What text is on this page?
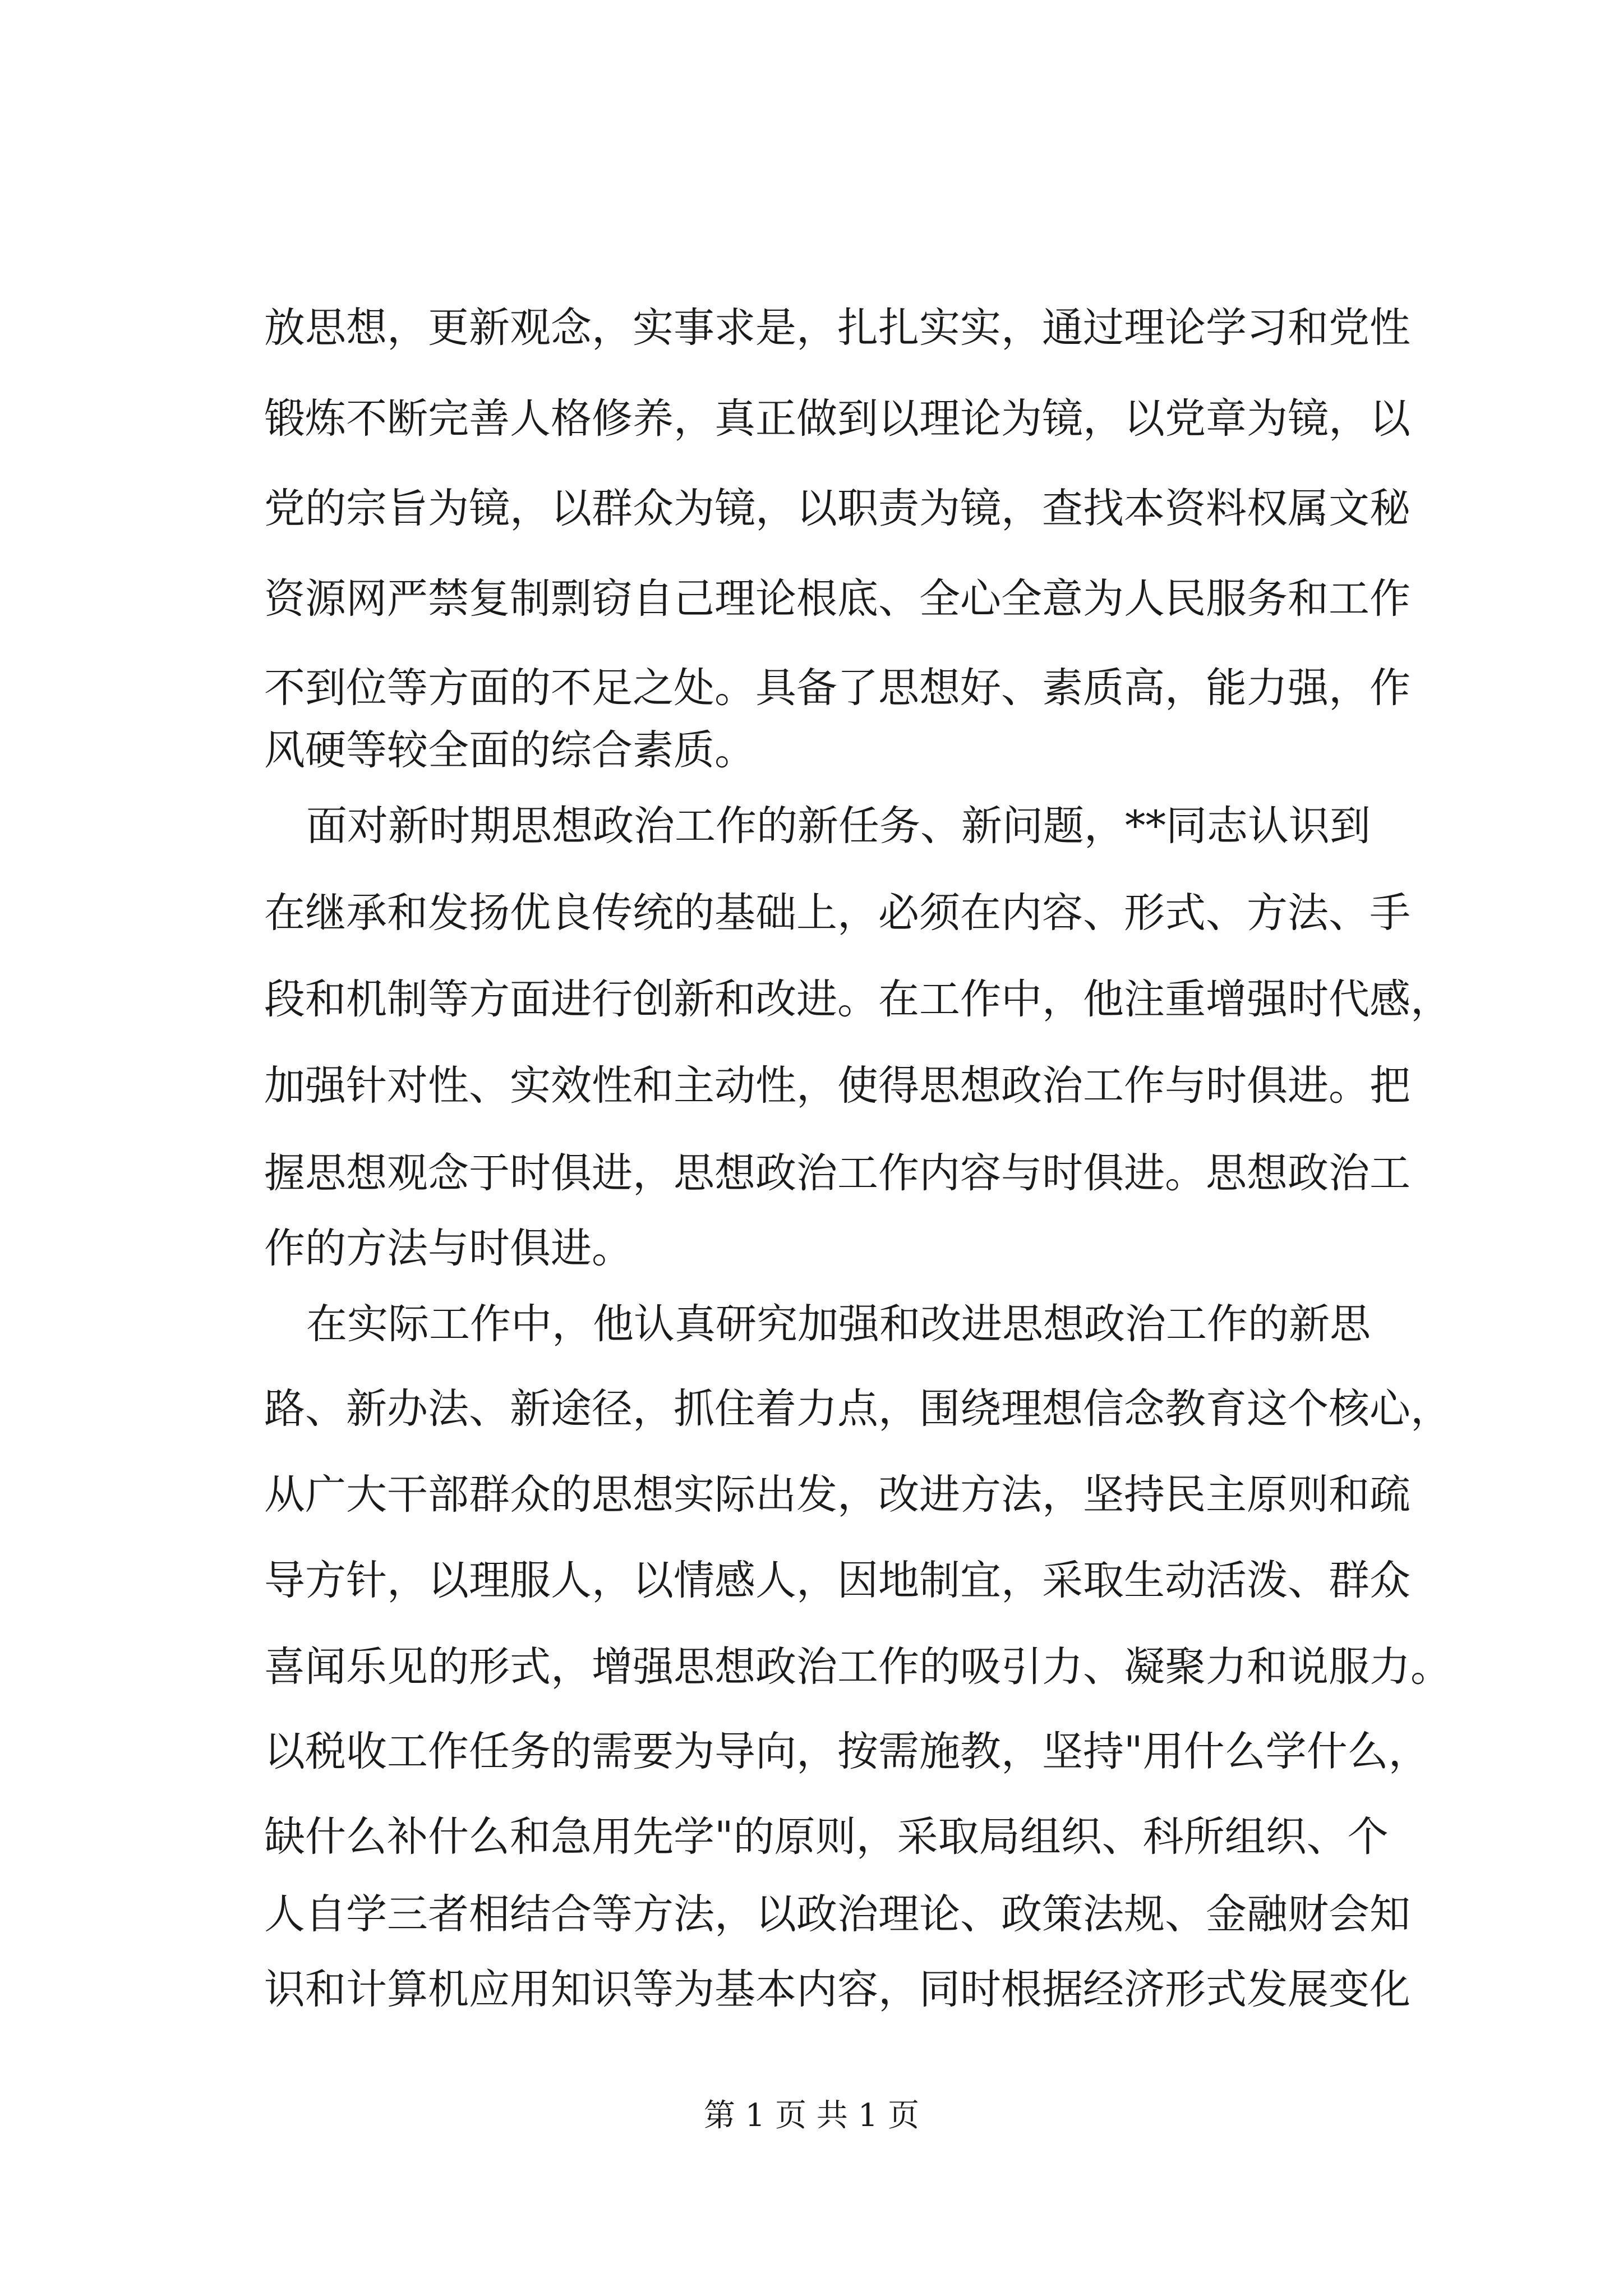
放思想，更新观念，实事求是，扎扎实实，通过理论学习和党性
锻炼不断完善人格修养，真正做到以理论为镜，以党章为镜，以
党的宗旨为镜，以群众为镜，以职责为镜，查找本资料权属文秘
资源网严禁复制剽窃自己理论根底、全心全意为人民服务和工作
不到位等方面的不足之处。具备了思想好、素质高，能力强，作
风硬等较全面的综合素质。
面对新时期思想政治工作的新任务、新问题，**同志认识到
在继承和发扬优良传统的基础上，必须在内容、形式、方法、手
段和机制等方面进行创新和改进。在工作中，他注重增强时代感，
加强针对性、实效性和主动性，使得思想政治工作与时俱进。把
握思想观念于时俱进，思想政治工作内容与时俱进。思想政治工
作的方法与时俱进。
在实际工作中，他认真研究加强和改进思想政治工作的新思
路、新办法、新途径，抓住着力点，围绕理想信念教育这个核心，
从广大干部群众的思想实际出发，改进方法，坚持民主原则和疏
导方针，以理服人，以情感人，因地制宜，采取生动活泼、群众
喜闻乐见的形式，增强思想政治工作的吸引力、凝聚力和说服力。
以税收工作任务的需要为导向，按需施教，坚持"用什么学什么，
缺什么补什么和急用先学"的原则，采取局组织、科所组织、个
人自学三者相结合等方法，以政治理论、政策法规、金融财会知
识和计算机应用知识等为基本内容，同时根据经济形式发展变化
第 1 页 共 1 页
